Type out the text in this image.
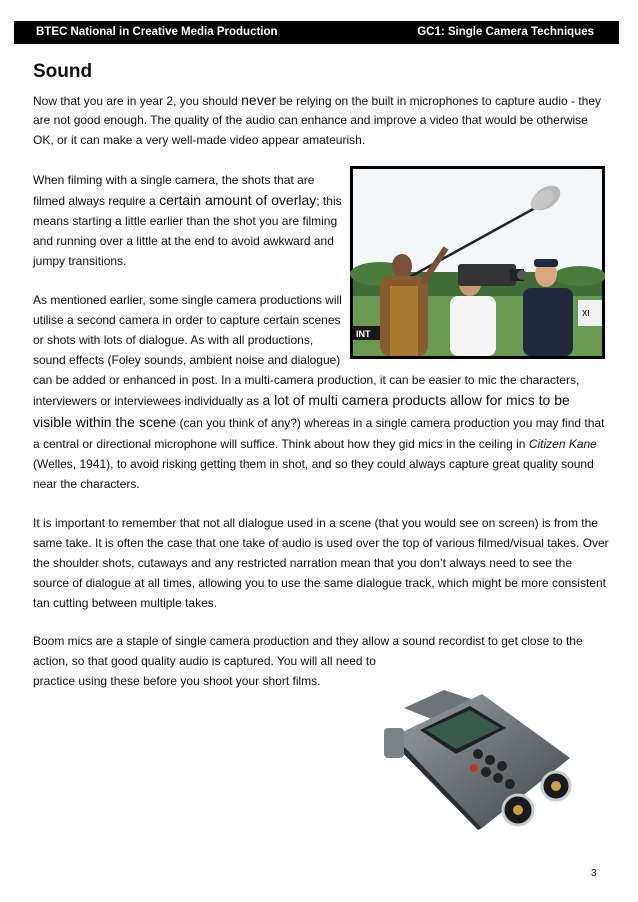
BTEC National in Creative Media Production	GC1: Single Camera Techniques
Sound
Now that you are in year 2, you should never be relying on the built in microphones to capture audio - they
are not good enough. The quality of the audio can enhance and improve a video that would be otherwise
OK, or it can make a very well-made video appear amateurish.
When filming with a single camera, the shots that are
filmed always require a certain amount of overlay; this
means starting a little earlier than the shot you are filming
and running over a little at the end to avoid awkward and
jumpy transitions.
As mentioned earlier, some single camera productions will
utilise a second camera in order to capture certain scenes
or shots with lots of dialogue. As with all productions,
sound effects (Foley sounds, ambient noise and dialogue)
can be added or enhanced in post. In a multi-camera production, it can be easier to mic the characters,
interviewers or interviewees individually as a lot of multi camera products allow for mics to be
visible within the scene (can you think of any?) whereas in a single camera production you may find that
a central or directional microphone will suffice. Think about how they gid mics in the ceiling in Citizen Kane
(Welles, 1941), to avoid risking getting them in shot, and so they could always capture great quality sound
near the characters.
It is important to remember that not all dialogue used in a scene (that you would see on screen) is from the
same take. It is often the case that one take of audio is used over the top of various filmed/visual takes. Over
the shoulder shots, cutaways and any restricted narration mean that you don’t always need to see the
source of dialogue at all times, allowing you to use the same dialogue track, which might be more consistent
tan cutting between multiple takes.
Boom mics are a staple of single camera production and they allow a sound recordist to get close to the
action, so that good quality audio is captured. You will all need to
practice using these before you shoot your short films.
INT
XI
3
